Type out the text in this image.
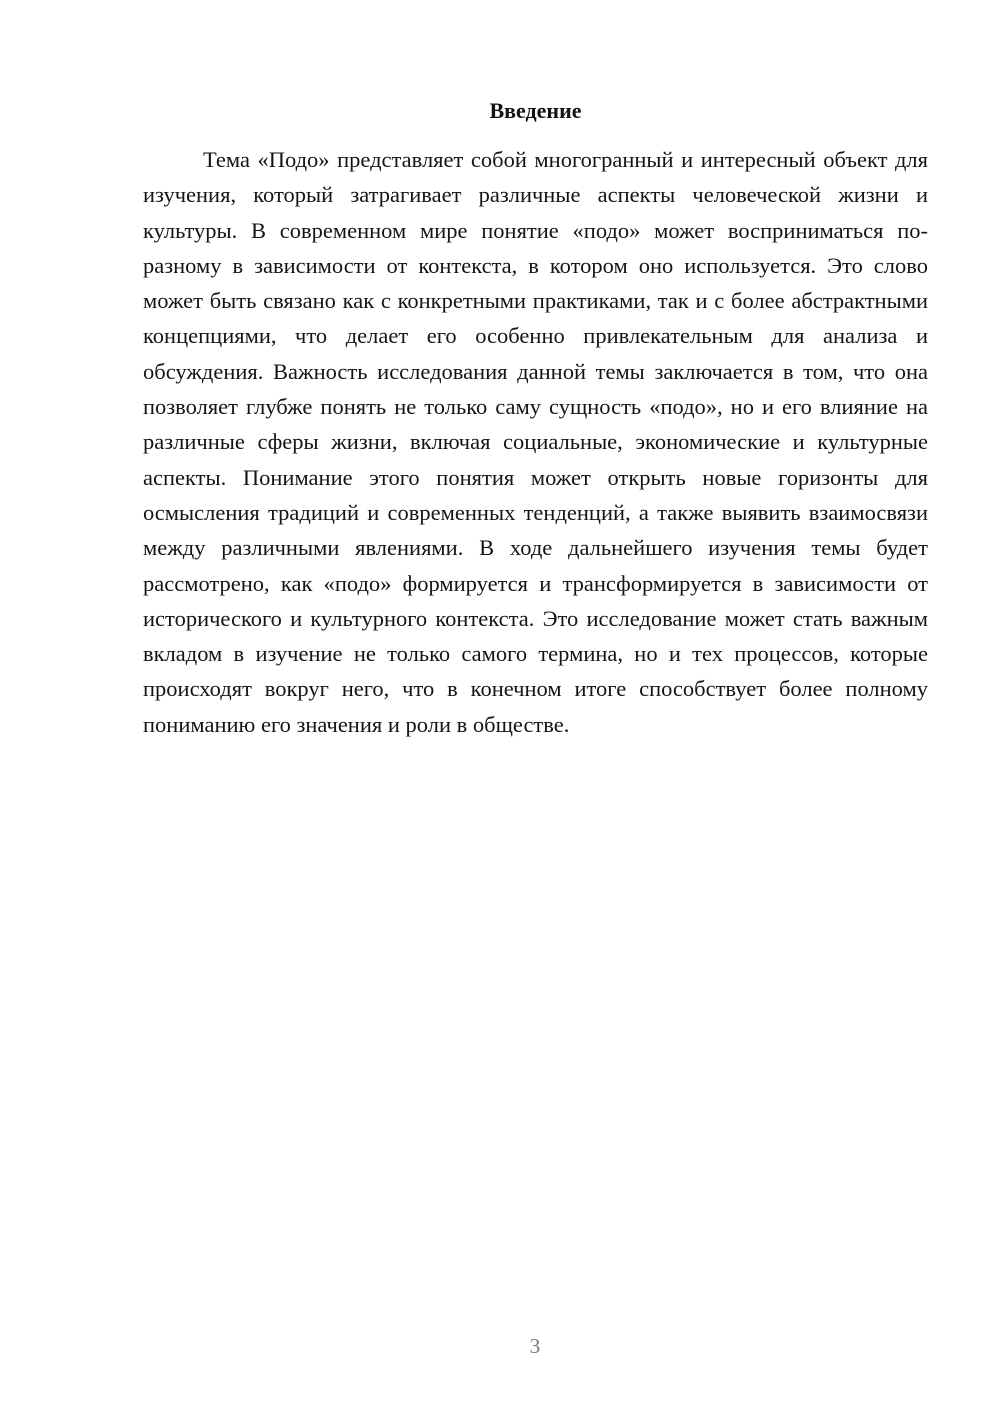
Введение

Тема «Подо» представляет собой многогранный и интересный объект для изучения, который затрагивает различные аспекты человеческой жизни и культуры. В современном мире понятие «подо» может восприниматься по-разному в зависимости от контекста, в котором оно используется. Это слово может быть связано как с конкретными практиками, так и с более абстрактными концепциями, что делает его особенно привлекательным для анализа и обсуждения. Важность исследования данной темы заключается в том, что она позволяет глубже понять не только саму сущность «подо», но и его влияние на различные сферы жизни, включая социальные, экономические и культурные аспекты. Понимание этого понятия может открыть новые горизонты для осмысления традиций и современных тенденций, а также выявить взаимосвязи между различными явлениями. В ходе дальнейшего изучения темы будет рассмотрено, как «подо» формируется и трансформируется в зависимости от исторического и культурного контекста. Это исследование может стать важным вкладом в изучение не только самого термина, но и тех процессов, которые происходят вокруг него, что в конечном итоге способствует более полному пониманию его значения и роли в обществе.

3
